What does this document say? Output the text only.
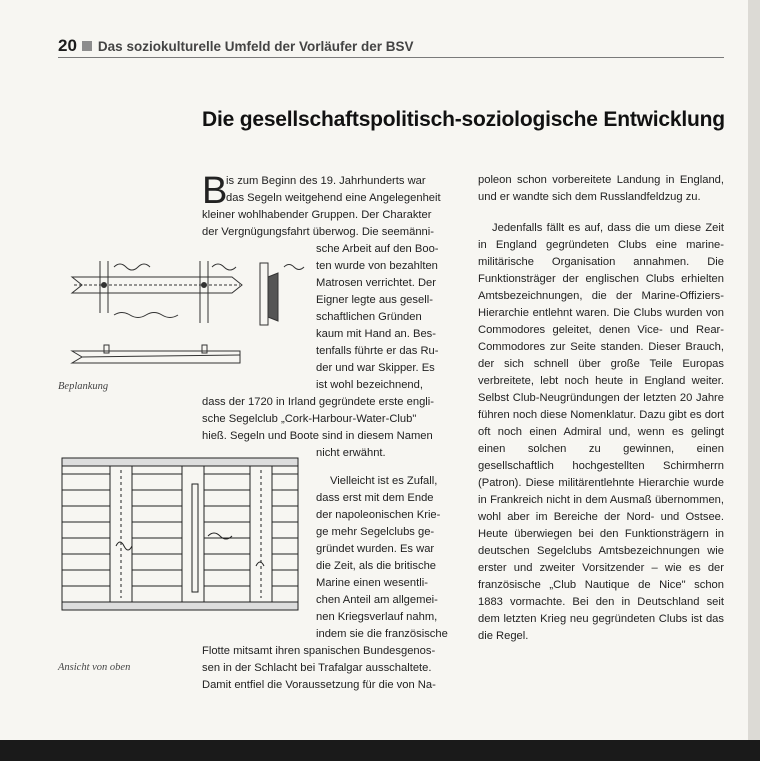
20 Das soziokulturelle Umfeld der Vorläufer der BSV
Die gesellschaftspolitisch-soziologische Entwicklung
B
is zum Beginn des 19. Jahrhunderts war
das Segeln weitgehend eine Angelegenheit
kleiner wohlhabender Gruppen. Der Charakter
der Vergnügungsfahrt überwog. Die seemänni-
sche Arbeit auf den Boo-
ten wurde von bezahlten
Matrosen verrichtet. Der
Eigner legte aus gesell-
schaftlichen Gründen
kaum mit Hand an. Bes-
tenfalls führte er das Ru-
der und war Skipper. Es
ist wohl bezeichnend,
dass der 1720 in Irland gegründete erste engli-
sche Segelclub „Cork-Harbour-Water-Club"
hieß. Segeln und Boote sind in diesem Namen
nicht erwähnt.
Vielleicht ist es Zufall,
dass erst mit dem Ende
der napoleonischen Krie-
ge mehr Segelclubs ge-
gründet wurden. Es war
die Zeit, als die britische
Marine einen wesentli-
chen Anteil am allgemei-
nen Kriegsverlauf nahm,
indem sie die französische
Flotte mitsamt ihren spanischen Bundesgenos-
sen in der Schlacht bei Trafalgar ausschaltete.
Damit entfiel die Voraussetzung für die von Na-

poleon schon vorbereitete Landung in England, und er wandte sich dem Russlandfeldzug zu.

Jedenfalls fällt es auf, dass die um diese Zeit in England gegründeten Clubs eine marine-militärische Organisation annahmen. Die Funktionsträger der englischen Clubs erhielten Amtsbezeichnungen, die der Marine-Offiziers-Hierarchie entlehnt waren. Die Clubs wurden von Commodores geleitet, denen Vice- und Rear-Commodores zur Seite standen. Dieser Brauch, der sich schnell über große Teile Europas verbreitete, lebt noch heute in England weiter. Selbst Club-Neugründungen der letzten 20 Jahre führen noch diese Nomenklatur. Dazu gibt es dort oft noch einen Admiral und, wenn es gelingt einen solchen zu gewinnen, einen gesellschaftlich hochgestellten Schirmherrn (Patron). Diese militärentlehnte Hierarchie wurde in Frankreich nicht in dem Ausmaß übernommen, wohl aber im Bereiche der Nord- und Ostsee. Heute überwiegen bei den Funktionsträgern in deutschen Segelclubs Amtsbezeichnungen wie erster und zweiter Vorsitzender – wie es der französische „Club Nautique de Nice" schon 1883 vormachte. Bei den in Deutschland seit dem letzten Krieg neu gegründeten Clubs ist das die Regel.

Beplankung
Ansicht von oben
